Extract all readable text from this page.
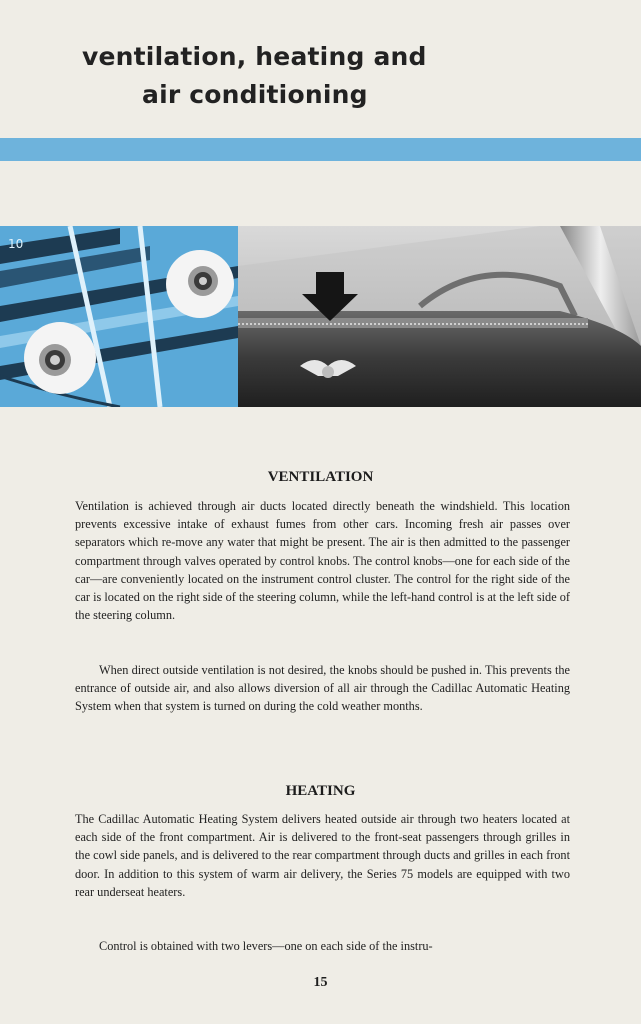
ventilation, heating and
air conditioning
10
VENTILATION

Ventilation is achieved through air ducts located directly beneath the windshield. This location prevents excessive intake of exhaust fumes from other cars. Incoming fresh air passes over separators which re-move any water that might be present. The air is then admitted to the passenger compartment through valves operated by control knobs. The control knobs—one for each side of the car—are conveniently located on the instrument control cluster. The control for the right side of the car is located on the right side of the steering column, while the left-hand control is at the left side of the steering column.

When direct outside ventilation is not desired, the knobs should be pushed in. This prevents the entrance of outside air, and also allows diversion of all air through the Cadillac Automatic Heating System when that system is turned on during the cold weather months.

HEATING

The Cadillac Automatic Heating System delivers heated outside air through two heaters located at each side of the front compartment. Air is delivered to the front-seat passengers through grilles in the cowl side panels, and is delivered to the rear compartment through ducts and grilles in each front door. In addition to this system of warm air delivery, the Series 75 models are equipped with two rear underseat heaters.

Control is obtained with two levers—one on each side of the instru-

15
